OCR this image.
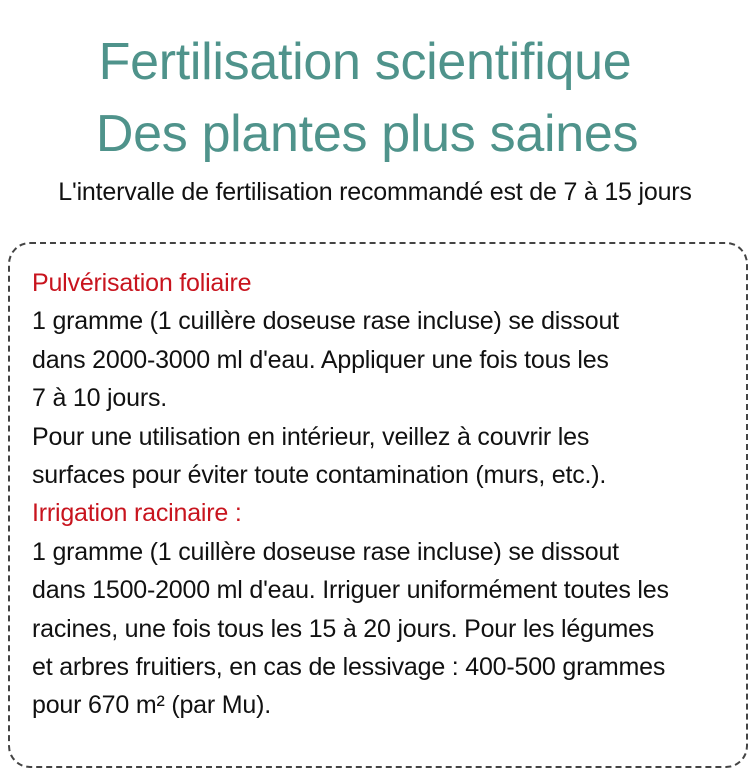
Fertilisation scientifique
Des plantes plus saines
L'intervalle de fertilisation recommandé est de 7 à 15 jours
Pulvérisation foliaire
1 gramme (1 cuillère doseuse rase incluse) se dissout
dans 2000-3000 ml d'eau. Appliquer une fois tous les
7 à 10 jours.
Pour une utilisation en intérieur, veillez à couvrir les
surfaces pour éviter toute contamination (murs, etc.).
Irrigation racinaire :
1 gramme (1 cuillère doseuse rase incluse) se dissout
dans 1500-2000 ml d'eau. Irriguer uniformément toutes les
racines, une fois tous les 15 à 20 jours. Pour les légumes
et arbres fruitiers, en cas de lessivage : 400-500 grammes
pour 670 m² (par Mu).
